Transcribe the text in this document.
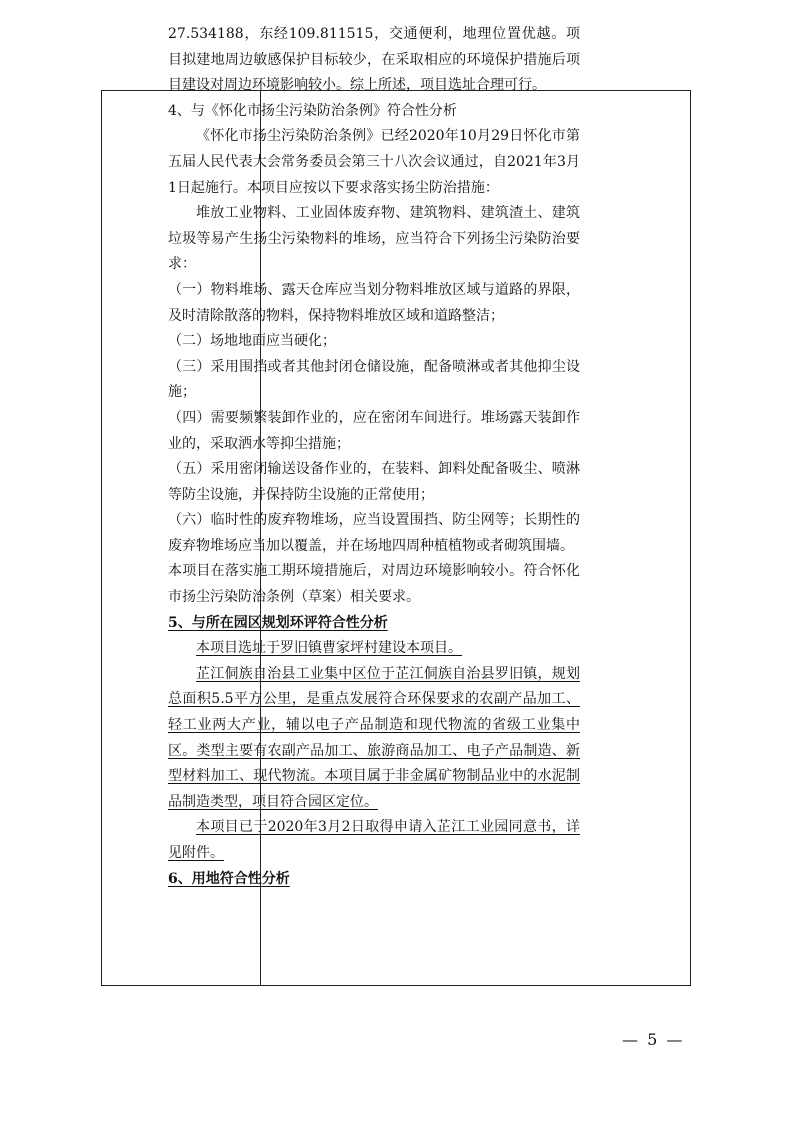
27.534188，东经109.811515，交通便利，地理位置优越。项目拟建地周边敏感保护目标较少，在采取相应的环境保护措施后项目建设对周边环境影响较小。综上所述，项目选址合理可行。

4、与《怀化市扬尘污染防治条例》符合性分析

《怀化市扬尘污染防治条例》已经2020年10月29日怀化市第五届人民代表大会常务委员会第三十八次会议通过，自2021年3月1日起施行。本项目应按以下要求落实扬尘防治措施：

堆放工业物料、工业固体废弃物、建筑物料、建筑渣土、建筑垃圾等易产生扬尘污染物料的堆场，应当符合下列扬尘污染防治要求：

（一）物料堆场、露天仓库应当划分物料堆放区域与道路的界限，及时清除散落的物料，保持物料堆放区域和道路整洁；

（二）场地地面应当硬化；

（三）采用围挡或者其他封闭仓储设施，配备喷淋或者其他抑尘设施；

（四）需要频繁装卸作业的，应在密闭车间进行。堆场露天装卸作业的，采取洒水等抑尘措施；

（五）采用密闭输送设备作业的，在装料、卸料处配备吸尘、喷淋等防尘设施，并保持防尘设施的正常使用；

（六）临时性的废弃物堆场，应当设置围挡、防尘网等；长期性的废弃物堆场应当加以覆盖，并在场地四周种植植物或者砌筑围墙。

本项目在落实施工期环境措施后，对周边环境影响较小。符合怀化市扬尘污染防治条例（草案）相关要求。

5、与所在园区规划环评符合性分析

本项目选址于罗旧镇曹家坪村建设本项目。

芷江侗族自治县工业集中区位于芷江侗族自治县罗旧镇，规划总面积5.5平方公里，是重点发展符合环保要求的农副产品加工、轻工业两大产业，辅以电子产品制造和现代物流的省级工业集中区。类型主要有农副产品加工、旅游商品加工、电子产品制造、新型材料加工、现代物流。本项目属于非金属矿物制品业中的水泥制品制造类型，项目符合园区定位。

本项目已于2020年3月2日取得申请入芷江工业园同意书，详见附件。

6、用地符合性分析

— 5 —
